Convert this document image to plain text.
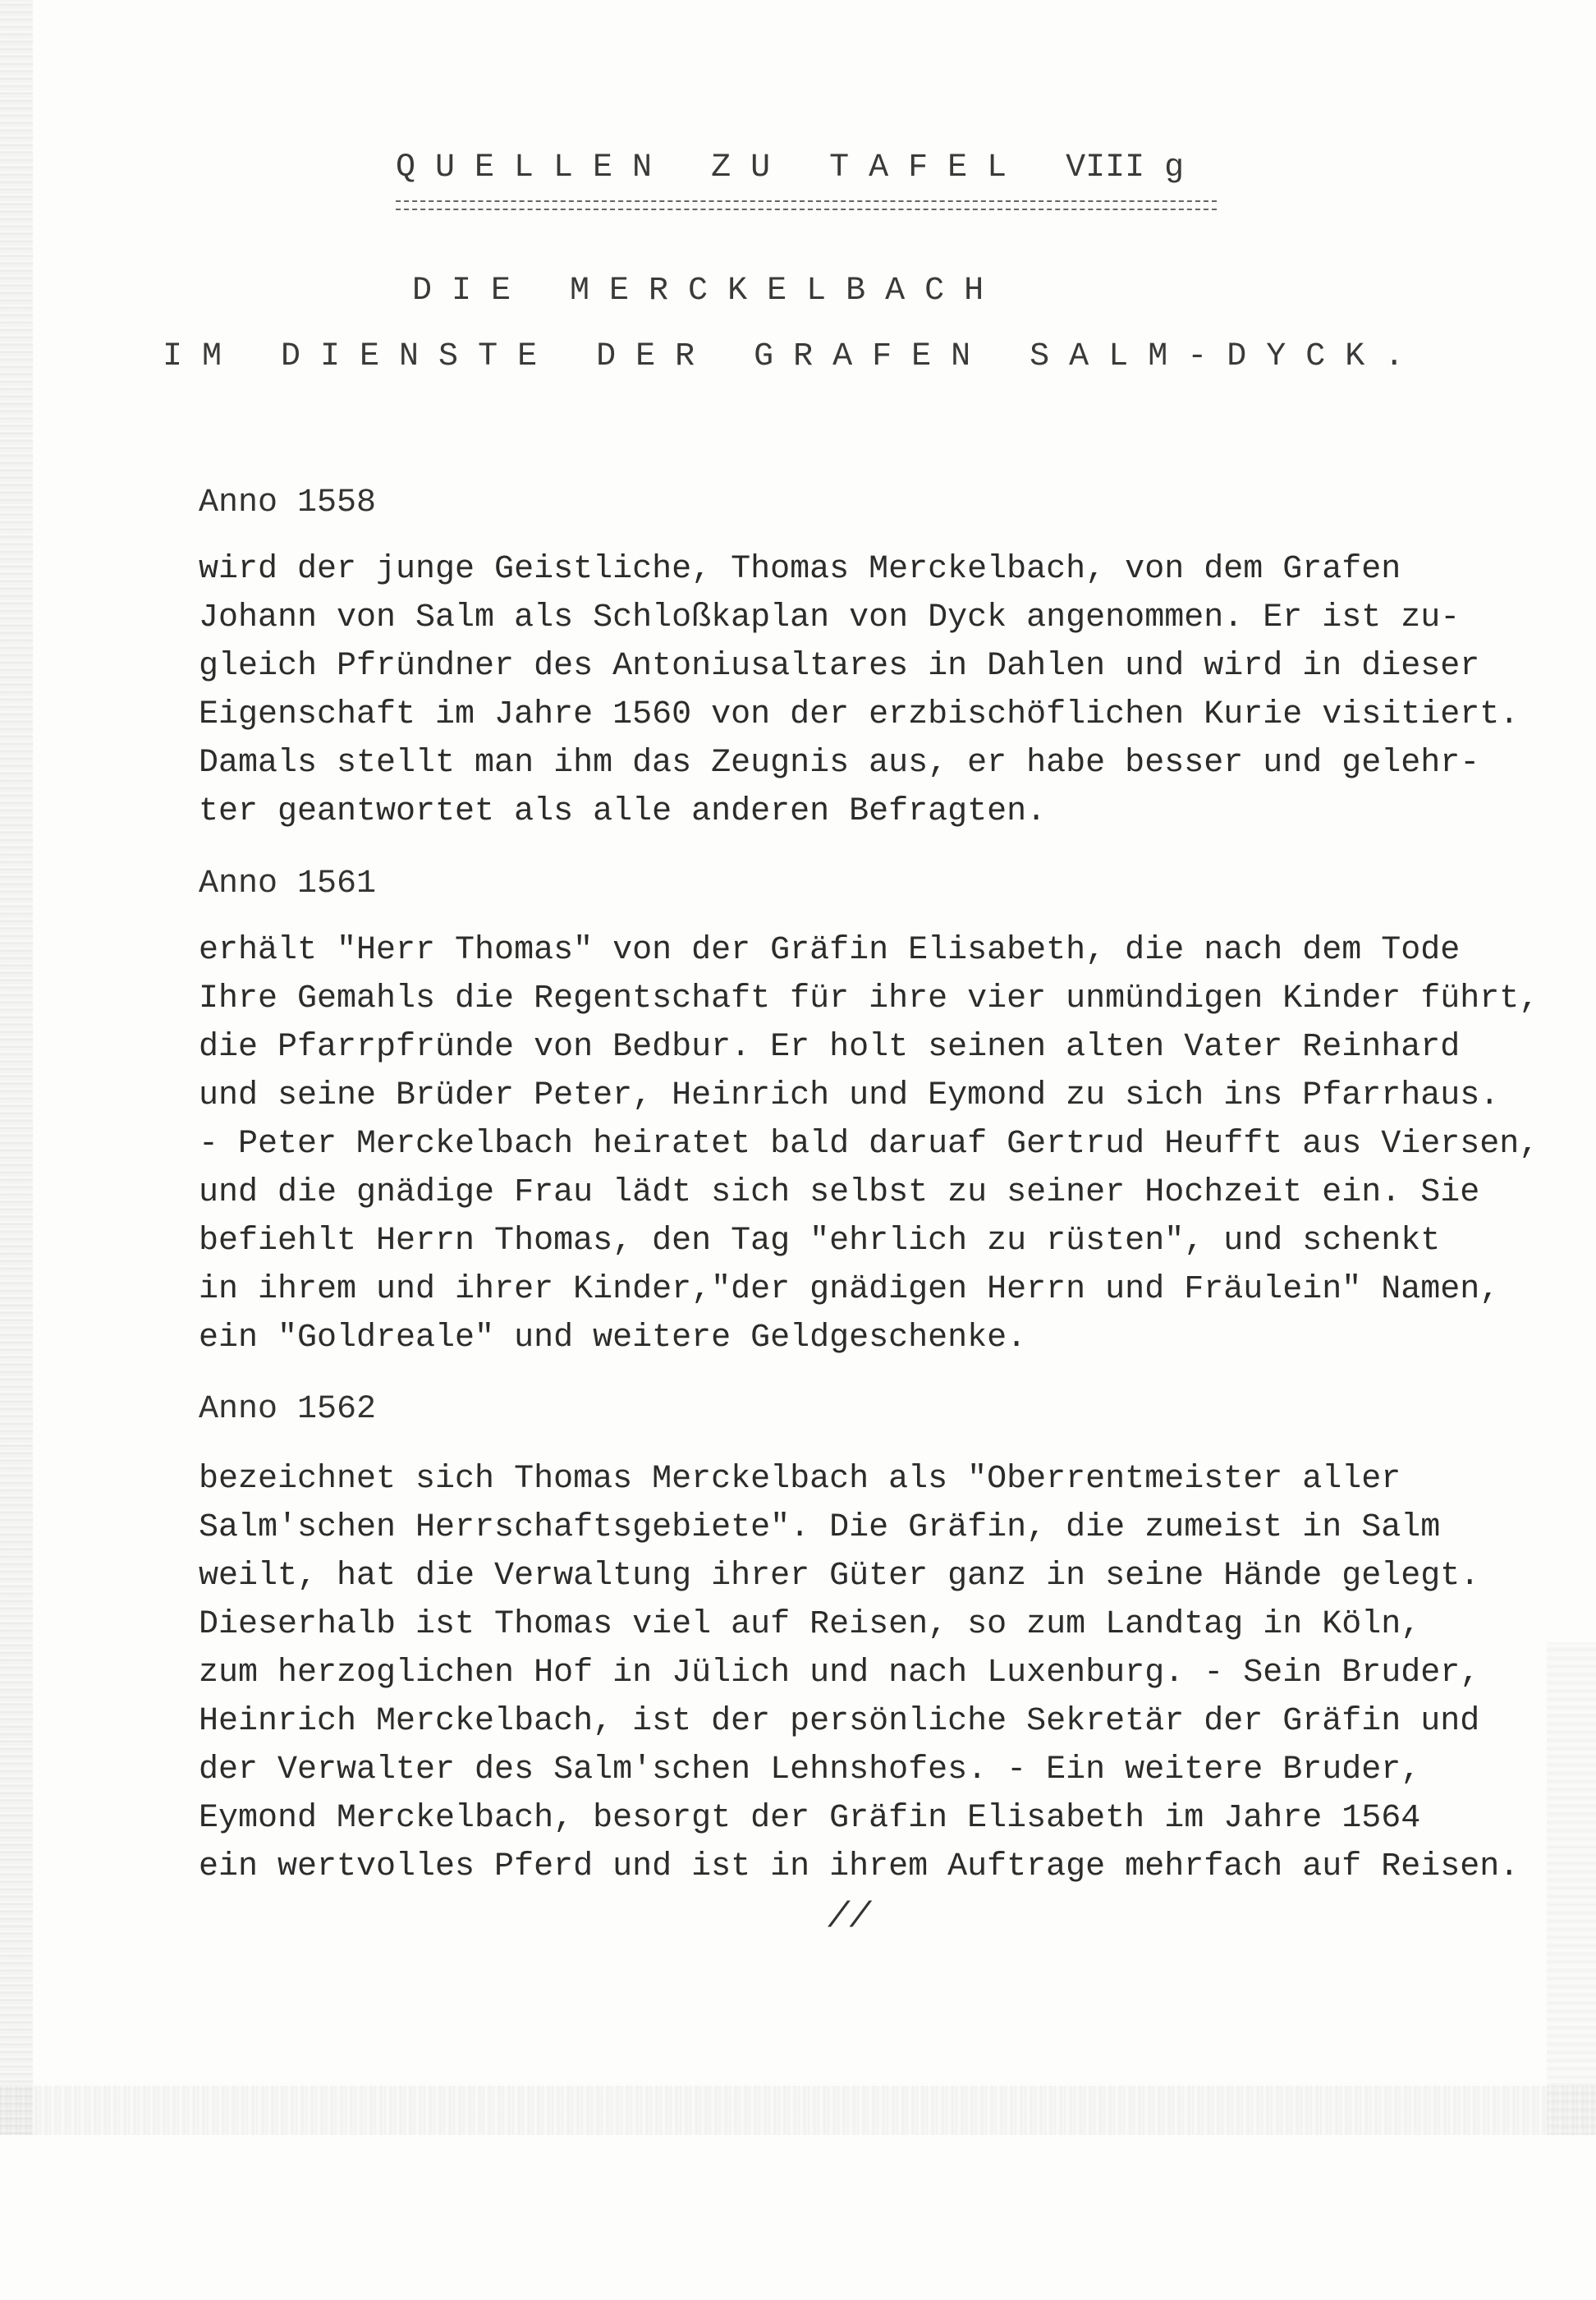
Q U E L L E N   Z U   T A F E L   VIII g
D I E   M E R C K E L B A C H
I M   D I E N S T E   D E R   G R A F E N   S A L M - D Y C K .
Anno 1558
wird der junge Geistliche, Thomas Merckelbach, von dem Grafen
Johann von Salm als Schloßkaplan von Dyck angenommen. Er ist zu-
gleich Pfründner des Antoniusaltares in Dahlen und wird in dieser
Eigenschaft im Jahre 1560 von der erzbischöflichen Kurie visitiert.
Damals stellt man ihm das Zeugnis aus, er habe besser und gelehr-
ter geantwortet als alle anderen Befragten.
Anno 1561
erhält "Herr Thomas" von der Gräfin Elisabeth, die nach dem Tode
Ihre Gemahls die Regentschaft für ihre vier unmündigen Kinder führt,
die Pfarrpfründe von Bedbur. Er holt seinen alten Vater Reinhard
und seine Brüder Peter, Heinrich und Eymond zu sich ins Pfarrhaus.
- Peter Merckelbach heiratet bald daruaf Gertrud Heufft aus Viersen,
und die gnädige Frau lädt sich selbst zu seiner Hochzeit ein. Sie
befiehlt Herrn Thomas, den Tag "ehrlich zu rüsten", und schenkt
in ihrem und ihrer Kinder,"der gnädigen Herrn und Fräulein" Namen,
ein "Goldreale" und weitere Geldgeschenke.
Anno 1562
bezeichnet sich Thomas Merckelbach als "Oberrentmeister aller
Salm'schen Herrschaftsgebiete". Die Gräfin, die zumeist in Salm
weilt, hat die Verwaltung ihrer Güter ganz in seine Hände gelegt.
Dieserhalb ist Thomas viel auf Reisen, so zum Landtag in Köln,
zum herzoglichen Hof in Jülich und nach Luxenburg. - Sein Bruder,
Heinrich Merckelbach, ist der persönliche Sekretär der Gräfin und
der Verwalter des Salm'schen Lehnshofes. - Ein weitere Bruder,
Eymond Merckelbach, besorgt der Gräfin Elisabeth im Jahre 1564
ein wertvolles Pferd und ist in ihrem Auftrage mehrfach auf Reisen.
//
